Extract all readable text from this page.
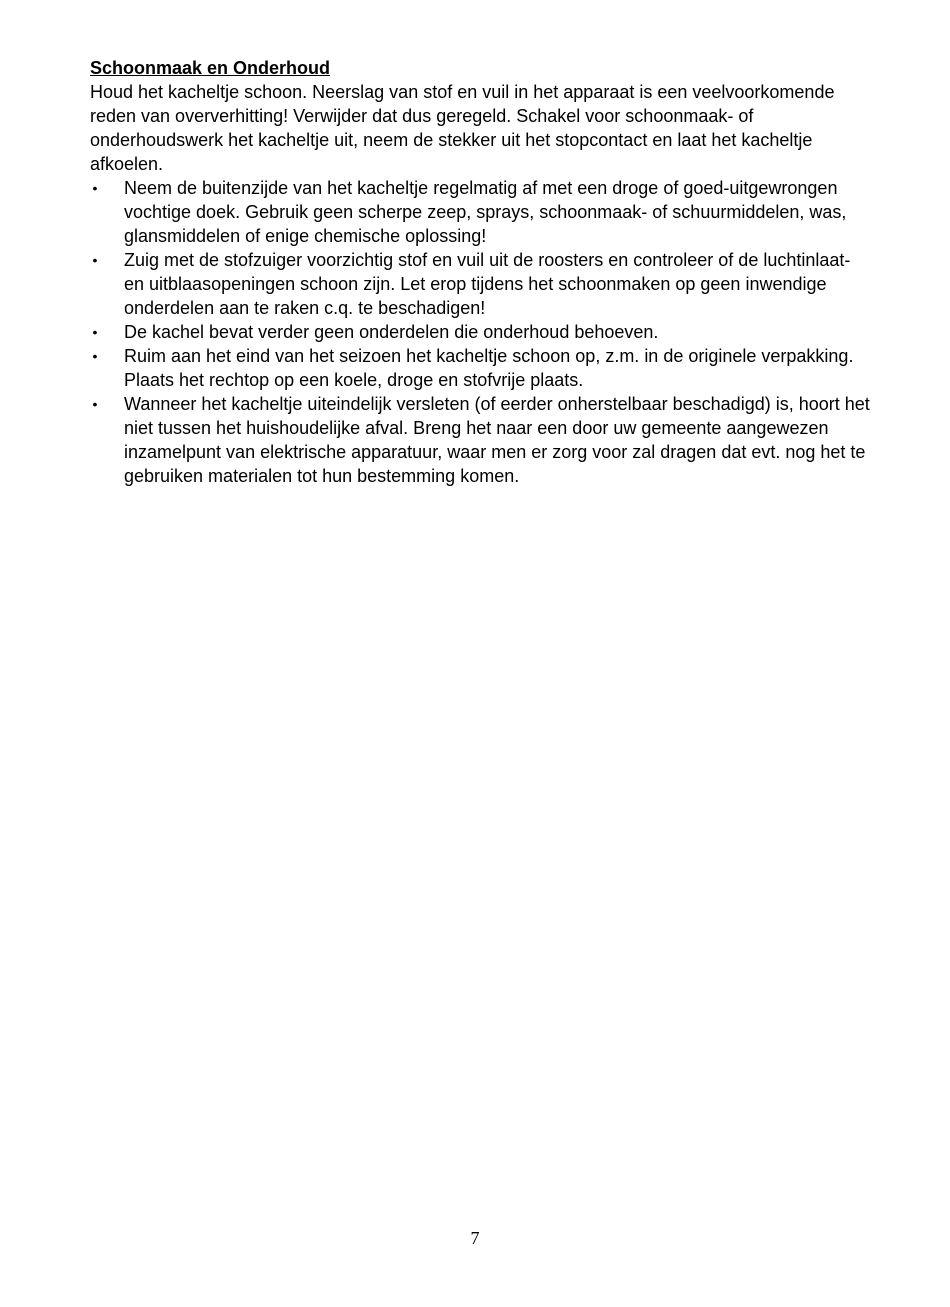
Schoonmaak en Onderhoud

Houd het kacheltje schoon. Neerslag van stof en vuil in het apparaat is een veelvoorkomende reden van oververhitting! Verwijder dat dus geregeld. Schakel voor schoonmaak- of onderhoudswerk het kacheltje uit, neem de stekker uit het stopcontact en laat het kacheltje afkoelen.

• Neem de buitenzijde van het kacheltje regelmatig af met een droge of goed-uitgewrongen vochtige doek. Gebruik geen scherpe zeep, sprays, schoonmaak- of schuurmiddelen, was, glansmiddelen of enige chemische oplossing!
• Zuig met de stofzuiger voorzichtig stof en vuil uit de roosters en controleer of de luchtinlaat- en uitblaasopeningen schoon zijn. Let erop tijdens het schoonmaken op geen inwendige onderdelen aan te raken c.q. te beschadigen!
• De kachel bevat verder geen onderdelen die onderhoud behoeven.
• Ruim aan het eind van het seizoen het kacheltje schoon op, z.m. in de originele verpakking. Plaats het rechtop op een koele, droge en stofvrije plaats.
• Wanneer het kacheltje uiteindelijk versleten (of eerder onherstelbaar beschadigd) is, hoort het niet tussen het huishoudelijke afval. Breng het naar een door uw gemeente aangewezen inzamelpunt van elektrische apparatuur, waar men er zorg voor zal dragen dat evt. nog het te gebruiken materialen tot hun bestemming komen.
7
